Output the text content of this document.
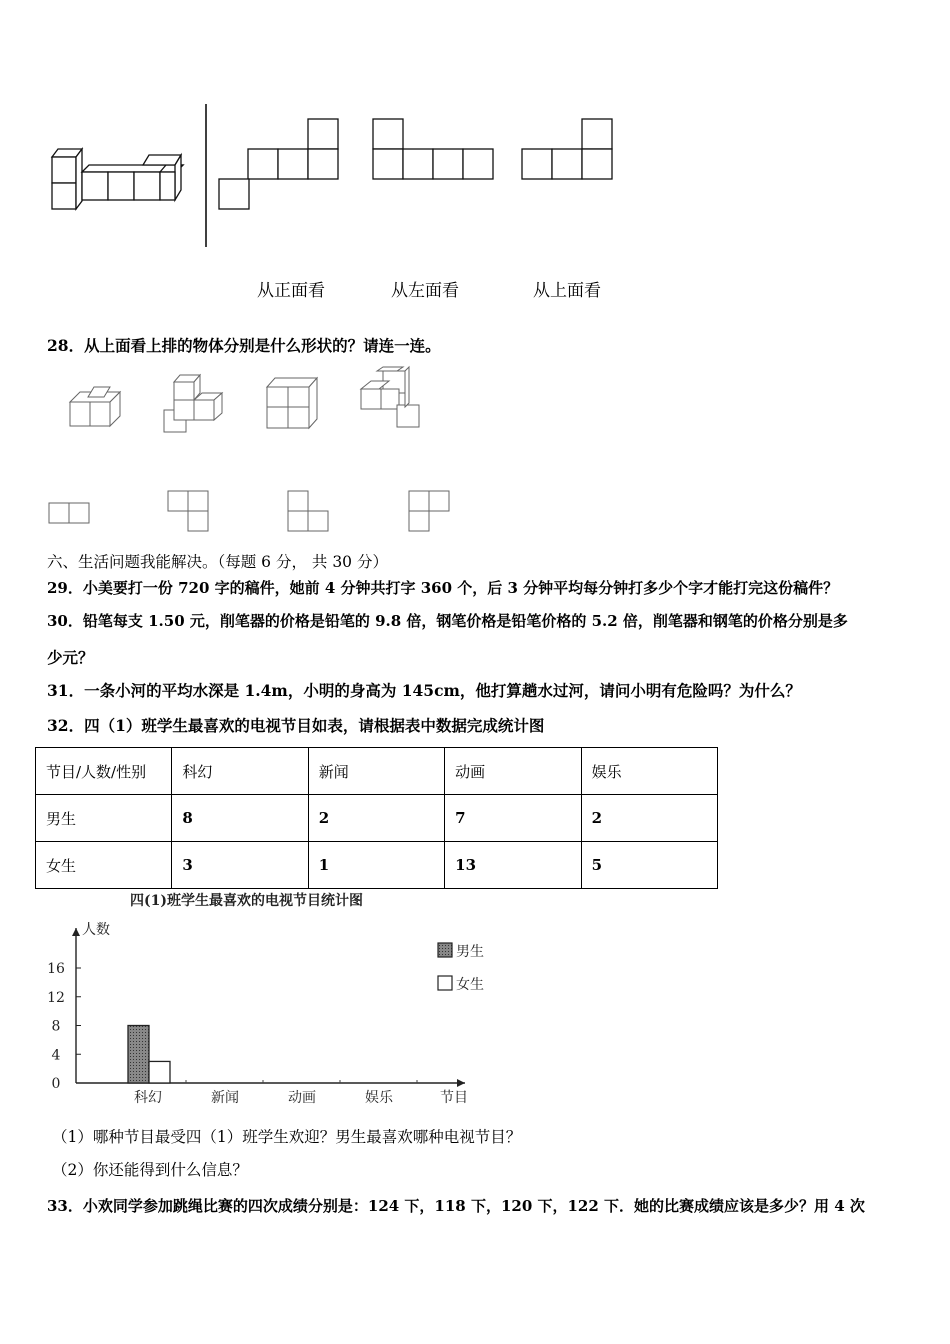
从正面看	从左面看	从上面看
28．从上面看上排的物体分别是什么形状的？请连一连。
六、生活问题我能解决。（每题 6 分， 共 30 分）
29．小美要打一份 720 字的稿件，她前 4 分钟共打字 360 个，后 3 分钟平均每分钟打多少个字才能打完这份稿件？
30．铅笔每支 1.50 元，削笔器的价格是铅笔的 9.8 倍，钢笔价格是铅笔价格的 5.2 倍，削笔器和钢笔的价格分别是多
少元？
31．一条小河的平均水深是 1.4m，小明的身高为 145cm，他打算趟水过河，请问小明有危险吗？为什么？
32．四（1）班学生最喜欢的电视节目如表，请根据表中数据完成统计图
节目/人数/性别	科幻	新闻	动画	娱乐
男生	8	2	7	2
女生	3	1	13	5
四(1)班学生最喜欢的电视节目统计图
人数
节目
0
4
8
12
16
科幻	新闻	动画	娱乐
男生
女生
（1）哪种节目最受四（1）班学生欢迎？男生最喜欢哪种电视节目？
（2）你还能得到什么信息？
33．小欢同学参加跳绳比赛的四次成绩分别是：124 下，118 下，120 下，122 下．她的比赛成绩应该是多少？用 4 次
